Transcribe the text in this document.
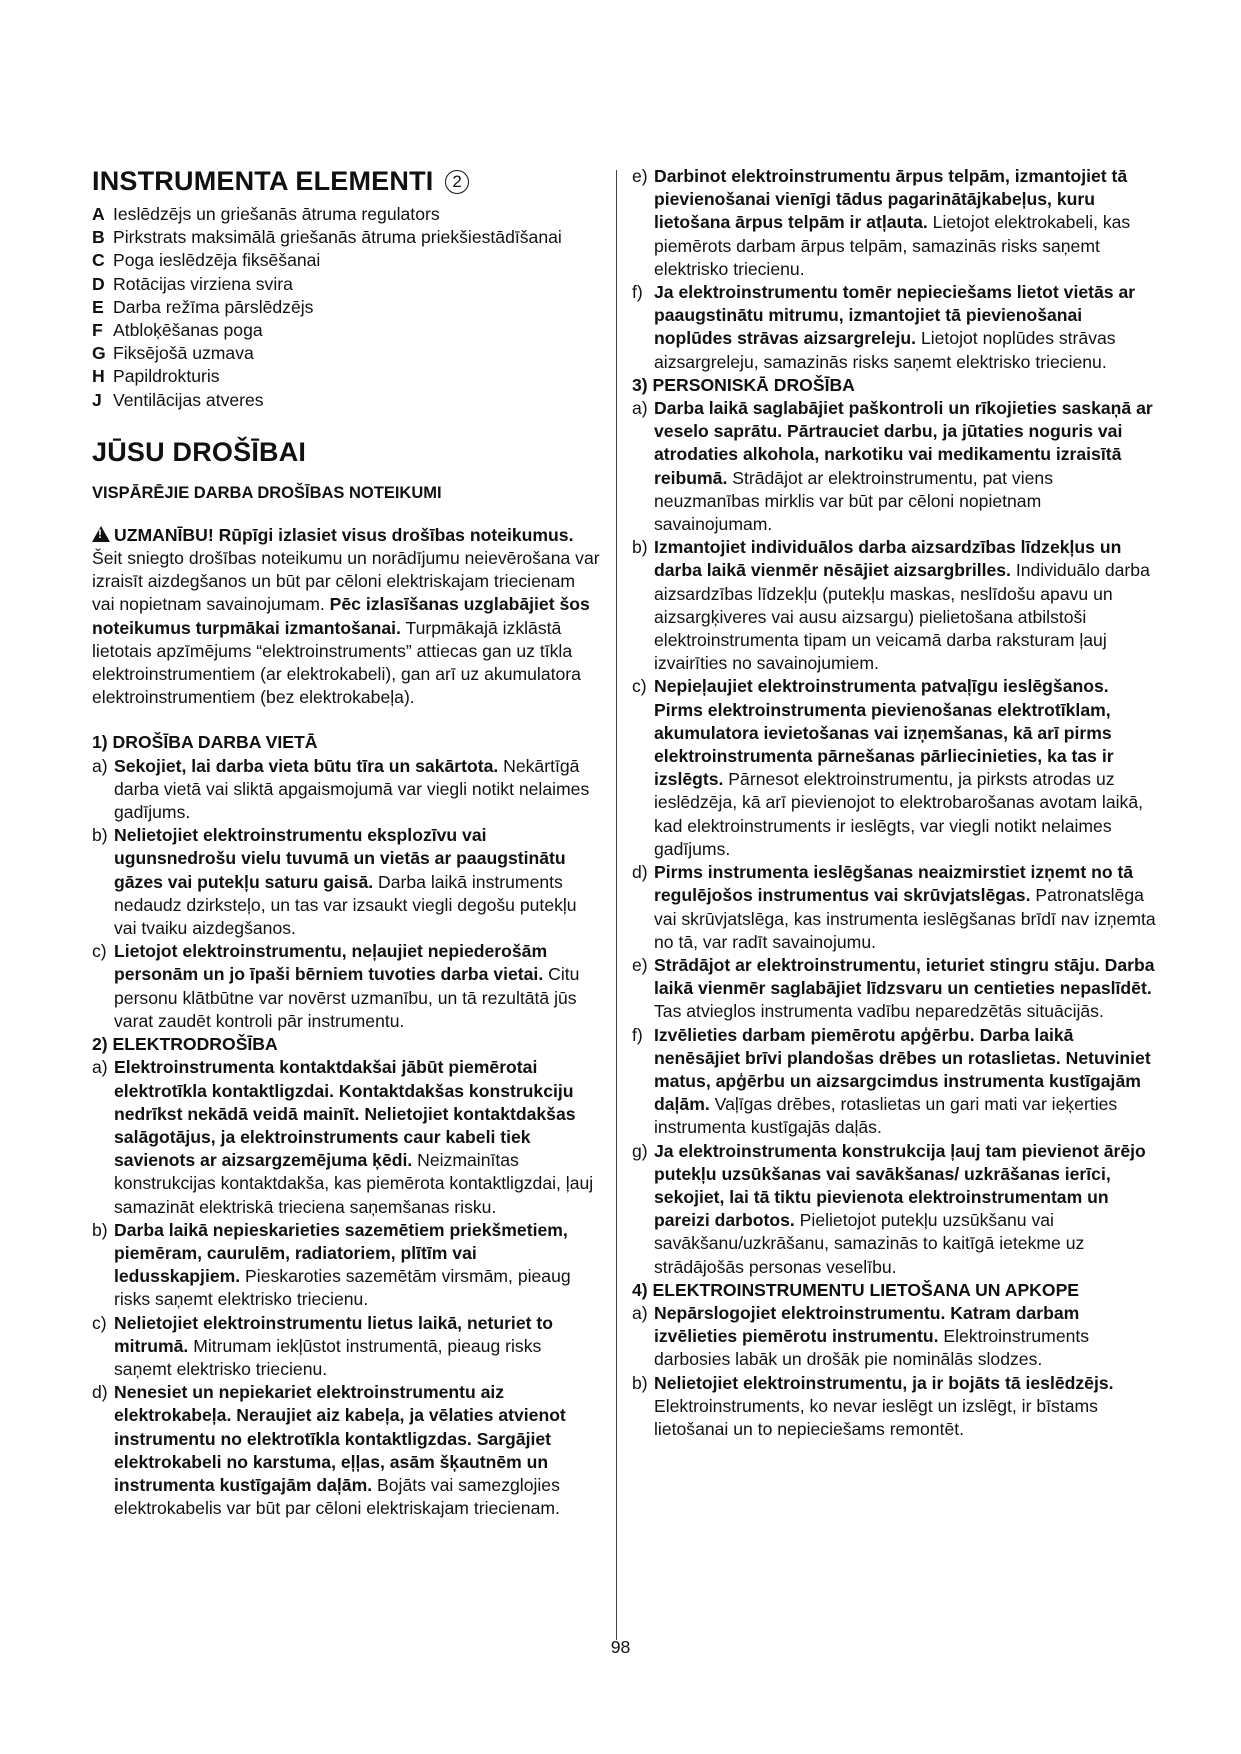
INSTRUMENTA ELEMENTI 2
A Ieslēdzējs un griešanās ātruma regulators
B Pirkstrats maksimālā griešanās ātruma priekšiestādīšanai
C Poga ieslēdzēja fiksēšanai
D Rotācijas virziena svira
E Darba režīma pārslēdzējs
F Atbloķēšanas poga
G Fiksējošā uzmava
H Papildrokturis
J Ventilācijas atveres
JŪSU DROŠĪBAI
VISPĀRĒJIE DARBA DROŠĪBAS NOTEIKUMI

!UZMANĪBU! Rūpīgi izlasiet visus drošības noteikumus. Šeit sniegto drošības noteikumu un norādījumu neievērošana var izraisīt aizdegšanos un būt par cēloni elektriskajam triecienam vai nopietnam savainojumam. Pēc izlasīšanas uzglabājiet šos noteikumus turpmākai izmantošanai. Turpmākajā izklāstā lietotais apzīmējums “elektroinstruments” attiecas gan uz tīkla elektroinstrumentiem (ar elektrokabeli), gan arī uz akumulatora elektroinstrumentiem (bez elektrokabeļa).

1) DROŠĪBA DARBA VIETĀ
a) Sekojiet, lai darba vieta būtu tīra un sakārtota. Nekārtīgā darba vietā vai sliktā apgaismojumā var viegli notikt nelaimes gadījums.
b) Nelietojiet elektroinstrumentu eksplozīvu vai ugunsnedrošu vielu tuvumā un vietās ar paaugstinātu gāzes vai putekļu saturu gaisā. Darba laikā instruments nedaudz dzirksteļo, un tas var izsaukt viegli degošu putekļu vai tvaiku aizdegšanos.
c) Lietojot elektroinstrumentu, neļaujiet nepiederošām personām un jo īpaši bērniem tuvoties darba vietai. Citu personu klātbūtne var novērst uzmanību, un tā rezultātā jūs varat zaudēt kontroli pār instrumentu.
2) ELEKTRODROŠĪBA
a) Elektroinstrumenta kontaktdakšai jābūt piemērotai elektrotīkla kontaktligzdai. Kontaktdakšas konstrukciju nedrīkst nekādā veidā mainīt. Nelietojiet kontaktdakšas salāgotājus, ja elektroinstruments caur kabeli tiek savienots ar aizsargzemējuma ķēdi. Neizmainītas konstrukcijas kontaktdakša, kas piemērota kontaktligzdai, ļauj samazināt elektriskā trieciena saņemšanas risku.
b) Darba laikā nepieskarieties sazemētiem priekšmetiem, piemēram, caurulēm, radiatoriem, plītīm vai ledusskapjiem. Pieskaroties sazemētām virsmām, pieaug risks saņemt elektrisko triecienu.
c) Nelietojiet elektroinstrumentu lietus laikā, neturiet to mitrumā. Mitrumam iekļūstot instrumentā, pieaug risks saņemt elektrisko triecienu.
d) Nenesiet un nepiekariet elektroinstrumentu aiz elektrokabeļa. Neraujiet aiz kabeļa, ja vēlaties atvienot instrumentu no elektrotīkla kontaktligzdas. Sargājiet elektrokabeli no karstuma, eļļas, asām šķautnēm un instrumenta kustīgajām daļām. Bojāts vai samezglojies elektrokabelis var būt par cēloni elektriskajam triecienam.
e) Darbinot elektroinstrumentu ārpus telpām, izmantojiet tā pievienošanai vienīgi tādus pagarinātājkabeļus, kuru lietošana ārpus telpām ir atļauta. Lietojot elektrokabeli, kas piemērots darbam ārpus telpām, samazinās risks saņemt elektrisko triecienu.
f) Ja elektroinstrumentu tomēr nepieciešams lietot vietās ar paaugstinātu mitrumu, izmantojiet tā pievienošanai noplūdes strāvas aizsargreleju. Lietojot noplūdes strāvas aizsargreleju, samazinās risks saņemt elektrisko triecienu.
3) PERSONISKĀ DROŠĪBA
a) Darba laikā saglabājiet paškontroli un rīkojieties saskaņā ar veselo saprātu. Pārtrauciet darbu, ja jūtaties noguris vai atrodaties alkohola, narkotiku vai medikamentu izraisītā reibumā. Strādājot ar elektroinstrumentu, pat viens neuzmanības mirklis var būt par cēloni nopietnam savainojumam.
b) Izmantojiet individuālos darba aizsardzības līdzekļus un darba laikā vienmēr nēsājiet aizsargbrilles. Individuālo darba aizsardzības līdzekļu (putekļu maskas, neslīdošu apavu un aizsargķiveres vai ausu aizsargu) pielietošana atbilstoši elektroinstrumenta tipam un veicamā darba raksturam ļauj izvairīties no savainojumiem.
c) Nepieļaujiet elektroinstrumenta patvaļīgu ieslēgšanos. Pirms elektroinstrumenta pievienošanas elektrotīklam, akumulatora ievietošanas vai izņemšanas, kā arī pirms elektroinstrumenta pārnešanas pārliecinieties, ka tas ir izslēgts. Pārnesot elektroinstrumentu, ja pirksts atrodas uz ieslēdzēja, kā arī pievienojot to elektrobarošanas avotam laikā, kad elektroinstruments ir ieslēgts, var viegli notikt nelaimes gadījums.
d) Pirms instrumenta ieslēgšanas neaizmirstiet izņemt no tā regulējošos instrumentus vai skrūvjatslēgas. Patronatslēga vai skrūvjatslēga, kas instrumenta ieslēgšanas brīdī nav izņemta no tā, var radīt savainojumu.
e) Strādājot ar elektroinstrumentu, ieturiet stingru stāju. Darba laikā vienmēr saglabājiet līdzsvaru un centieties nepaslīdēt. Tas atvieglos instrumenta vadību neparedzētās situācijās.
f) Izvēlieties darbam piemērotu apģērbu. Darba laikā nenēsājiet brīvi plandošas drēbes un rotaslietas. Netuviniet matus, apģērbu un aizsargcimdus instrumenta kustīgajām daļām. Vaļīgas drēbes, rotaslietas un gari mati var ieķerties instrumenta kustīgajās daļās.
g) Ja elektroinstrumenta konstrukcija ļauj tam pievienot ārējo putekļu uzsūkšanas vai savākšanas/ uzkrāšanas ierīci, sekojiet, lai tā tiktu pievienota elektroinstrumentam un pareizi darbotos. Pielietojot putekļu uzsūkšanu vai savākšanu/uzkrāšanu, samazinās to kaitīgā ietekme uz strādājošās personas veselību.
4) ELEKTROINSTRUMENTU LIETOŠANA UN APKOPE
a) Nepārslogojiet elektroinstrumentu. Katram darbam izvēlieties piemērotu instrumentu. Elektroinstruments darbosies labāk un drošāk pie nominālās slodzes.
b) Nelietojiet elektroinstrumentu, ja ir bojāts tā ieslēdzējs. Elektroinstruments, ko nevar ieslēgt un izslēgt, ir bīstams lietošanai un to nepieciešams remontēt.
98
